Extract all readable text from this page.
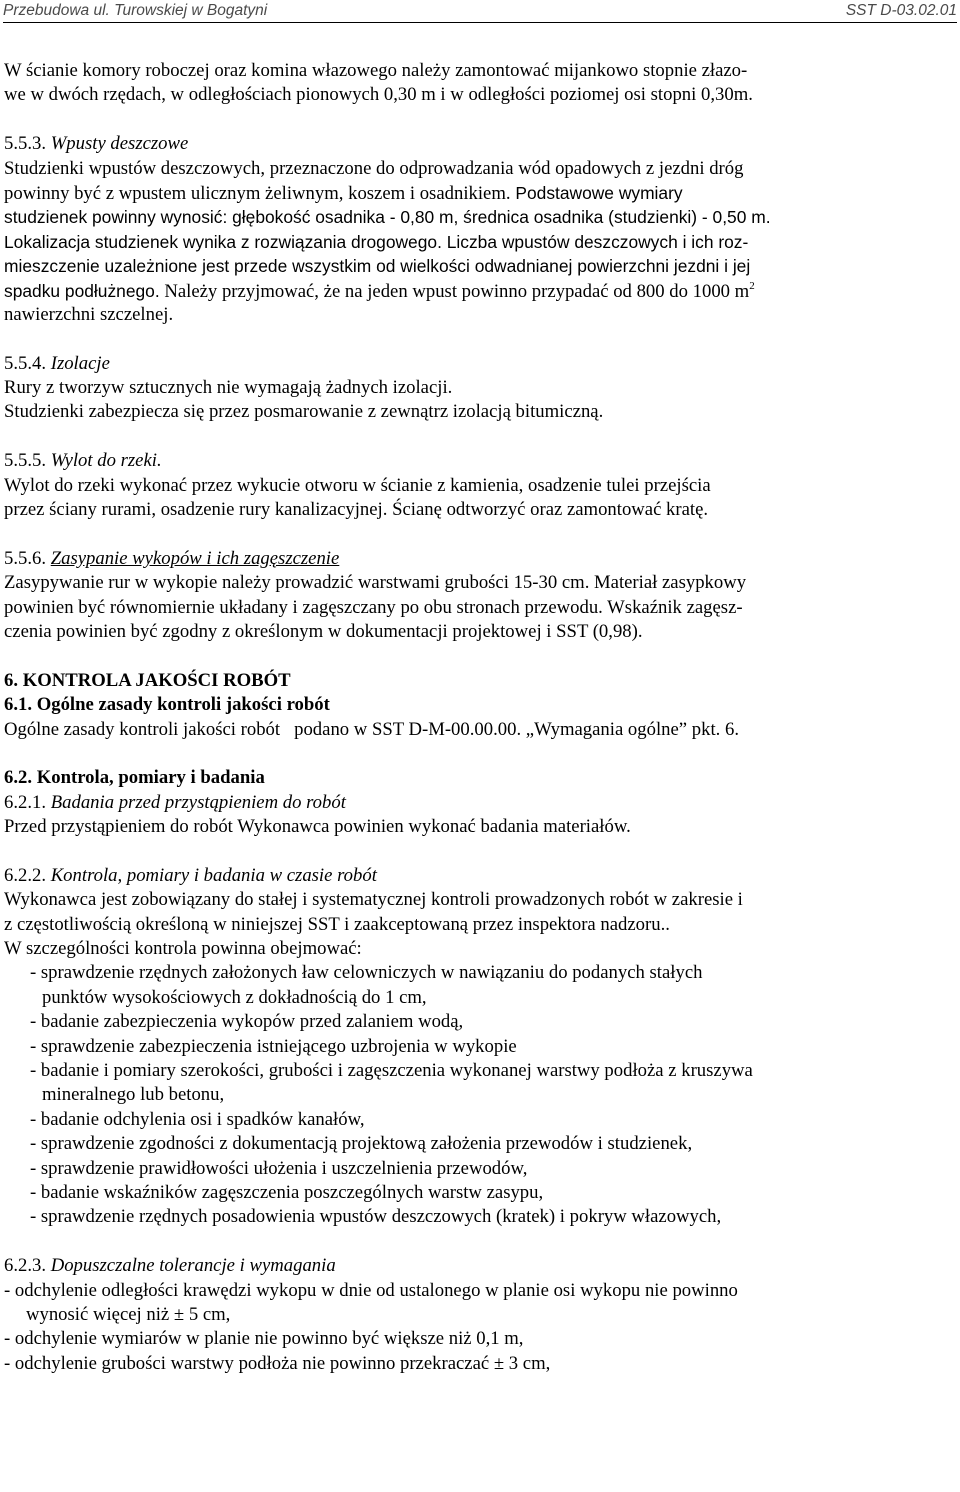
Przebudowa ul. Turowskiej w Bogatyni	SST D-03.02.01
W ścianie komory roboczej oraz komina włazowego należy zamontować mijankowo stopnie złazo-
we w dwóch rzędach, w odległościach pionowych 0,30 m i w odległości poziomej osi stopni 0,30m.
5.5.3. Wpusty deszczowe
Studzienki wpustów deszczowych, przeznaczone do odprowadzania wód opadowych z jezdni dróg
powinny być z wpustem ulicznym żeliwnym, koszem i osadnikiem. Podstawowe wymiary
studzienek powinny wynosić: głębokość osadnika - 0,80 m, średnica osadnika (studzienki) - 0,50 m.
Lokalizacja studzienek wynika z rozwiązania drogowego. Liczba wpustów deszczowych i ich roz-
mieszczenie uzależnione jest przede wszystkim od wielkości odwadnianej powierzchni jezdni i jej
spadku podłużnego. Należy przyjmować, że na jeden wpust powinno przypadać od 800 do 1000 $m^2$
nawierzchni szczelnej.
5.5.4. Izolacje
Rury z tworzyw sztucznych nie wymagają żadnych izolacji.
Studzienki zabezpiecza się przez posmarowanie z zewnątrz izolacją bitumiczną.
5.5.5. Wylot do rzeki.
Wylot do rzeki wykonać przez wykucie otworu w ścianie z kamienia, osadzenie tulei przejścia
przez ściany rurami, osadzenie rury kanalizacyjnej. Ścianę odtworzyć oraz zamontować kratę.
5.5.6. Zasypanie wykopów i ich zagęszczenie
Zasypywanie rur w wykopie należy prowadzić warstwami grubości 15-30 cm. Materiał zasypkowy
powinien być równomiernie układany i zagęszczany po obu stronach przewodu. Wskaźnik zagęsz-
czenia powinien być zgodny z określonym w dokumentacji projektowej i SST (0,98).
6. KONTROLA JAKOŚCI ROBÓT
6.1. Ogólne zasady kontroli jakości robót
Ogólne zasady kontroli jakości robót   podano w SST D-M-00.00.00. „Wymagania ogólne” pkt. 6.
6.2. Kontrola, pomiary i badania
6.2.1. Badania przed przystąpieniem do robót
Przed przystąpieniem do robót Wykonawca powinien wykonać badania materiałów.
6.2.2. Kontrola, pomiary i badania w czasie robót
Wykonawca jest zobowiązany do stałej i systematycznej kontroli prowadzonych robót w zakresie i
z częstotliwością określoną w niniejszej SST i zaakceptowaną przez inspektora nadzoru..
W szczególności kontrola powinna obejmować:
- sprawdzenie rzędnych założonych ław celowniczych w nawiązaniu do podanych stałych
punktów wysokościowych z dokładnością do 1 cm,
- badanie zabezpieczenia wykopów przed zalaniem wodą,
- sprawdzenie zabezpieczenia istniejącego uzbrojenia w wykopie
- badanie i pomiary szerokości, grubości i zagęszczenia wykonanej warstwy podłoża z kruszywa
mineralnego lub betonu,
- badanie odchylenia osi i spadków kanałów,
- sprawdzenie zgodności z dokumentacją projektową założenia przewodów i studzienek,
- sprawdzenie prawidłowości ułożenia i uszczelnienia przewodów,
- badanie wskaźników zagęszczenia poszczególnych warstw zasypu,
- sprawdzenie rzędnych posadowienia wpustów deszczowych (kratek) i pokryw włazowych,
6.2.3. Dopuszczalne tolerancje i wymagania
- odchylenie odległości krawędzi wykopu w dnie od ustalonego w planie osi wykopu nie powinno
wynosić więcej niż ± 5 cm,
- odchylenie wymiarów w planie nie powinno być większe niż 0,1 m,
- odchylenie grubości warstwy podłoża nie powinno przekraczać ± 3 cm,
